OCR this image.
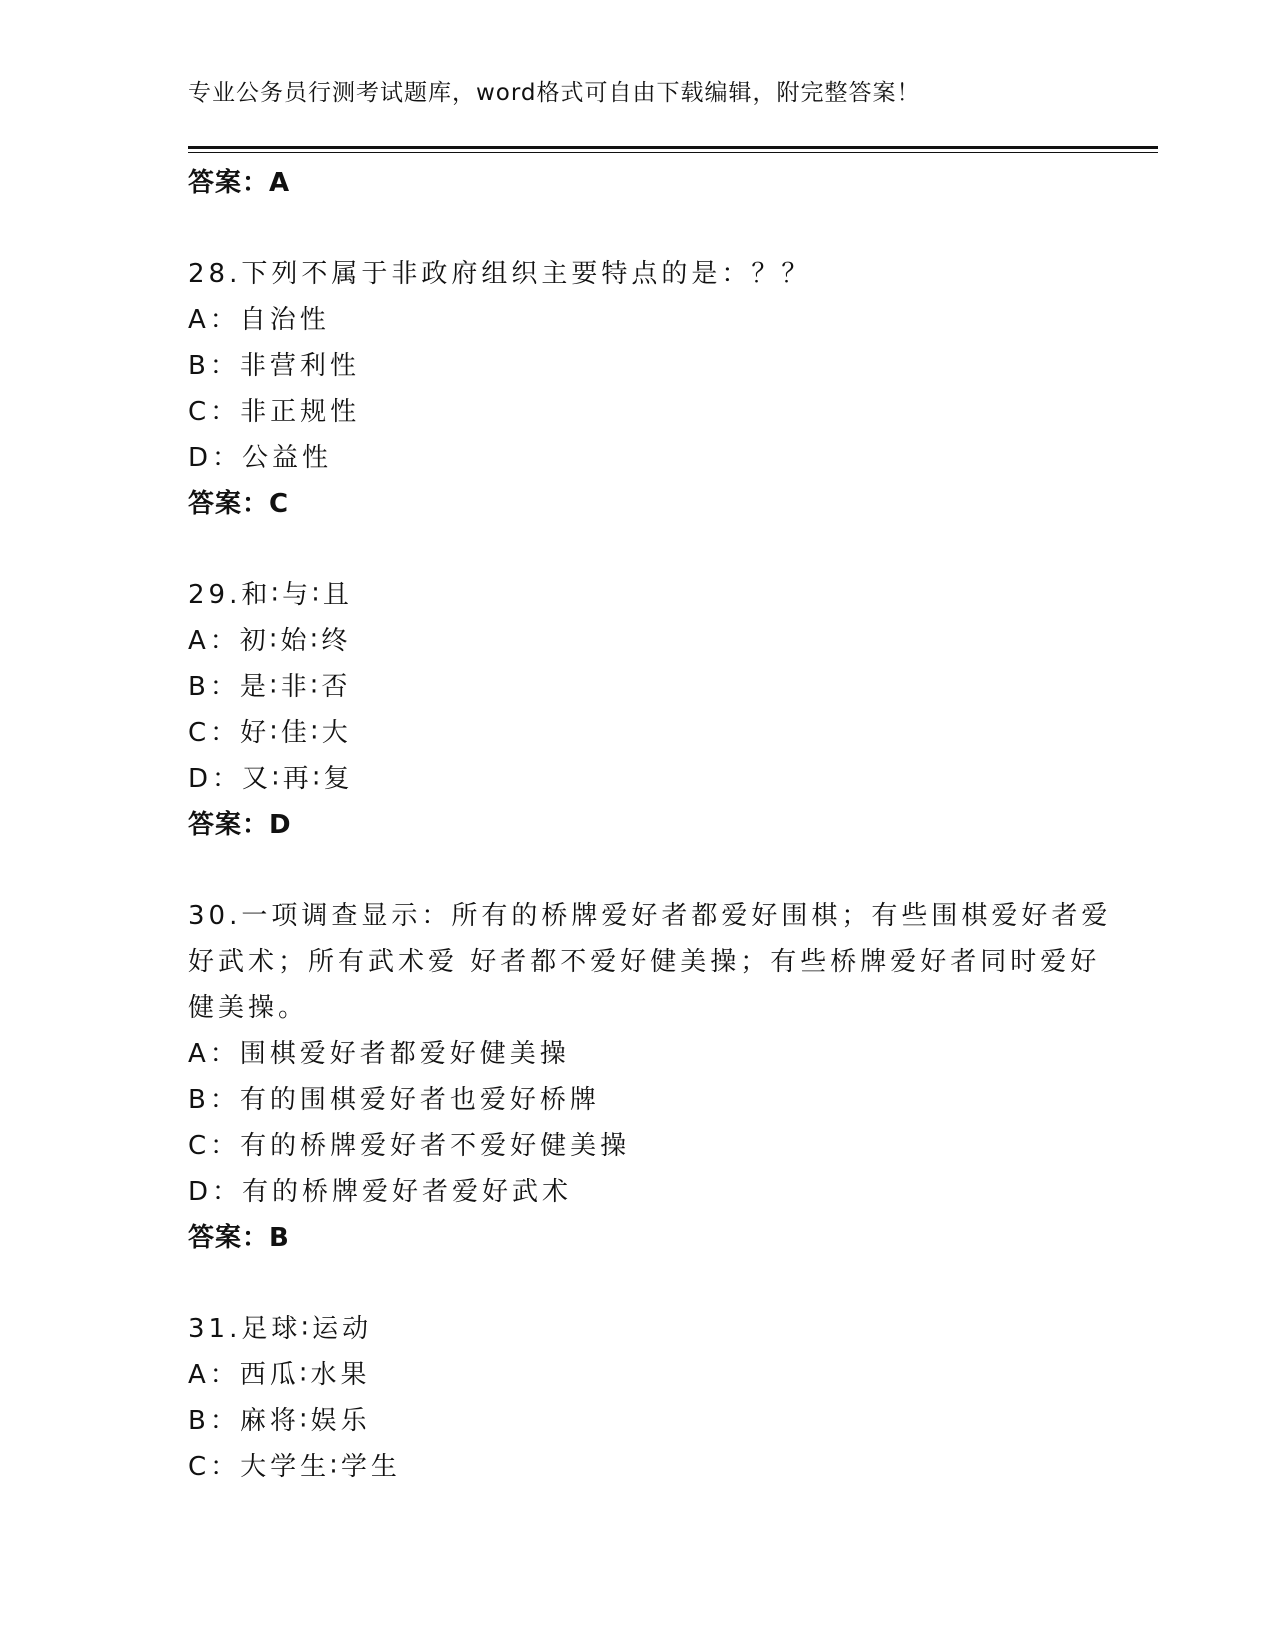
专业公务员行测考试题库，word格式可自由下载编辑，附完整答案！
答案：A
28.下列不属于非政府组织主要特点的是：？？
A：自治性
B：非营利性
C：非正规性
D：公益性
答案：C
29.和∶与∶且
A：初∶始∶终
B：是∶非∶否
C：好∶佳∶大
D：又∶再∶复
答案：D
30.一项调查显示：所有的桥牌爱好者都爱好围棋；有些围棋爱好者爱
好武术；所有武术爱 好者都不爱好健美操；有些桥牌爱好者同时爱好
健美操。
A：围棋爱好者都爱好健美操
B：有的围棋爱好者也爱好桥牌
C：有的桥牌爱好者不爱好健美操
D：有的桥牌爱好者爱好武术
答案：B
31.足球∶运动
A：西瓜∶水果
B：麻将∶娱乐
C：大学生∶学生
